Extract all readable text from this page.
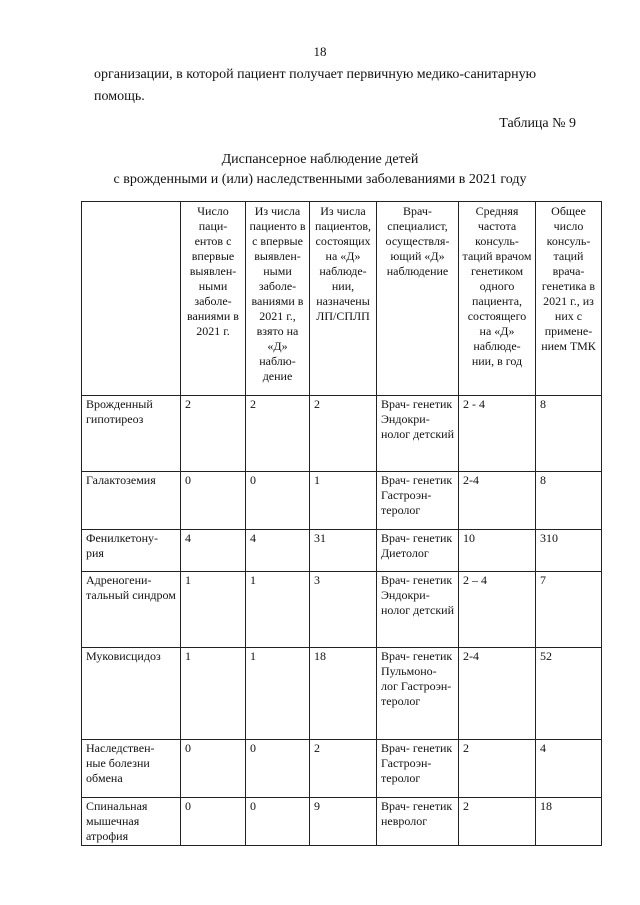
18

организации, в которой пациент получает первичную медико-санитарную
помощь.

Таблица № 9
Диспансерное наблюдение детей
с врожденными и (или) наследственными заболеваниями в 2021 году
	Число паци- ентов с впервые выявлен- ными заболе- ваниями в 2021 г.	Из числа пациенто в с впервые выявлен- ными заболе- ваниями в 2021 г., взято на «Д» наблю- дение	Из числа пациентов, состоящих на «Д» наблюде- нии, назначены ЛП/СПЛП	Врач- специалист, осуществля- ющий «Д» наблюдение	Средняя частота консуль- таций врачом генетиком одного пациента, состоящего на «Д» наблюде- нии, в год	Общее число консуль- таций врача- генетика в 2021 г., из них с примене- нием ТМК
Врожденный гипотиреоз	2	2	2	Врач- генетик Эндокри- нолог детский	2 - 4	8
Галактоземия	0	0	1	Врач- генетик Гастроэн- теролог	2-4	8
Фенилкетону- рия	4	4	31	Врач- генетик Диетолог	10	310
Адреногени- тальный синдром	1	1	3	Врач- генетик Эндокри- нолог детский	2 – 4	7
Муковисцидоз	1	1	18	Врач- генетик Пульмоно- лог Гастроэн- теролог	2-4	52
Наследствен- ные болезни обмена	0	0	2	Врач- генетик Гастроэн- теролог	2	4
Спинальная мышечная атрофия	0	0	9	Врач- генетик невролог	2	18
